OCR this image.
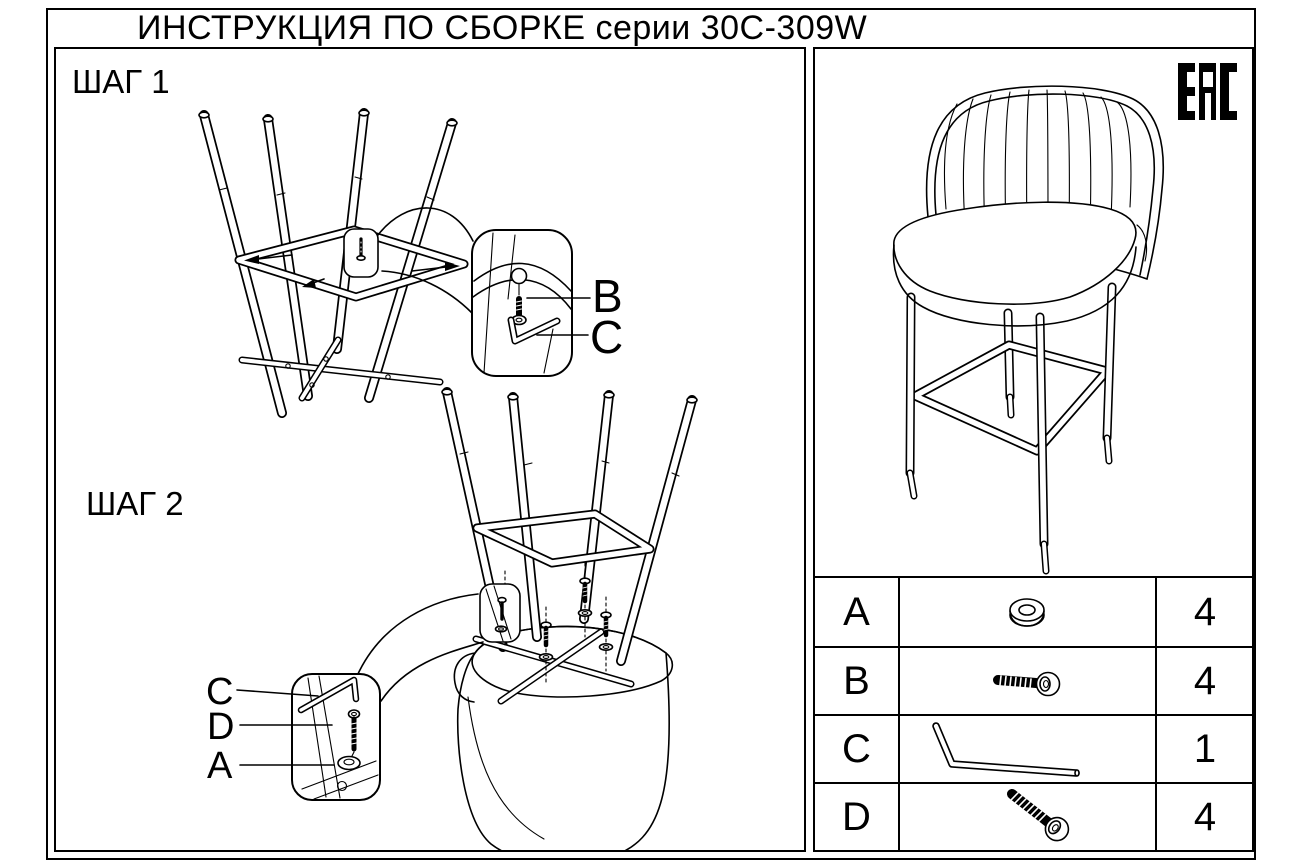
ИНСТРУКЦИЯ ПО СБОРКЕ серии 30C-309W
ШАГ 1
ШАГ 2
B
C
C
D
A
A	4
B	4
C	1
D	4
